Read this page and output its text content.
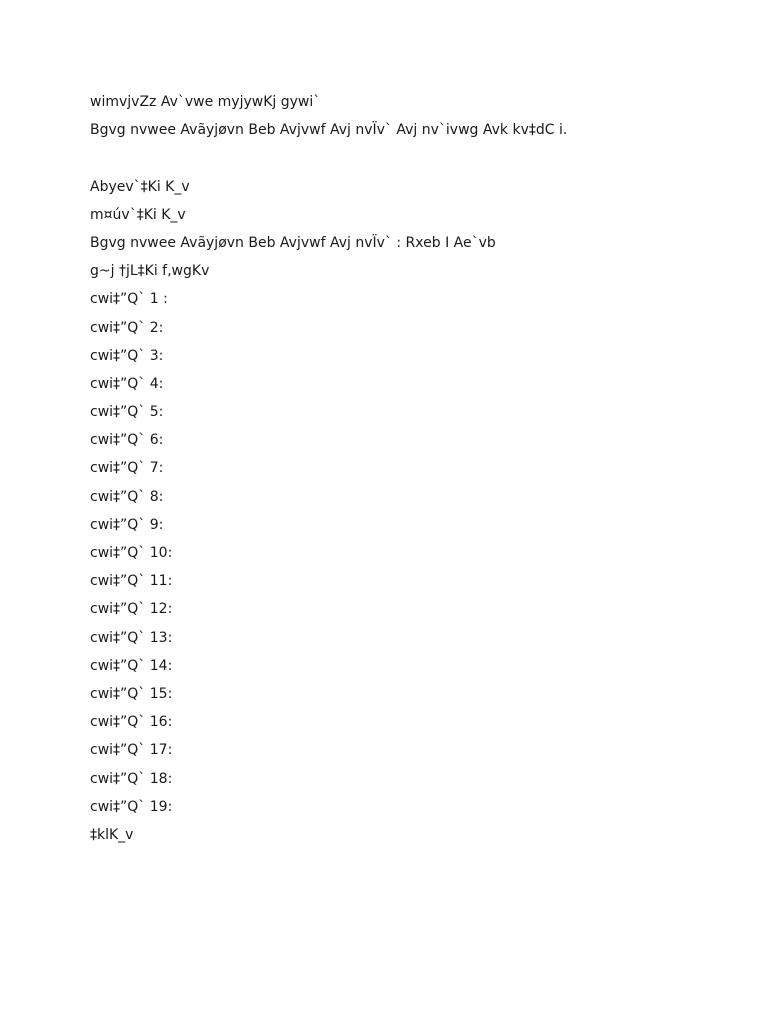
wimvjvZz Av`vwe myjywKj gywi`
Bgvg nvwee Avãyjøvn Beb Avjvwf Avj nvÏv` Avj nv`ivwg Avk kv‡dC i.
Abyev`‡Ki K_v
m¤úv`‡Ki K_v
Bgvg nvwee Avãyjøvn Beb Avjvwf Avj nvÏv` : Rxeb I Ae`vb
g~j †jL‡Ki f‚wgKv
cwi‡”Q` 1 :
cwi‡”Q` 2:
cwi‡”Q` 3:
cwi‡”Q` 4:
cwi‡”Q` 5:
cwi‡”Q` 6:
cwi‡”Q` 7:
cwi‡”Q` 8:
cwi‡”Q` 9:
cwi‡”Q` 10:
cwi‡”Q` 11:
cwi‡”Q` 12:
cwi‡”Q` 13:
cwi‡”Q` 14:
cwi‡”Q` 15:
cwi‡”Q` 16:
cwi‡”Q` 17:
cwi‡”Q` 18:
cwi‡”Q` 19:
‡klK_v
